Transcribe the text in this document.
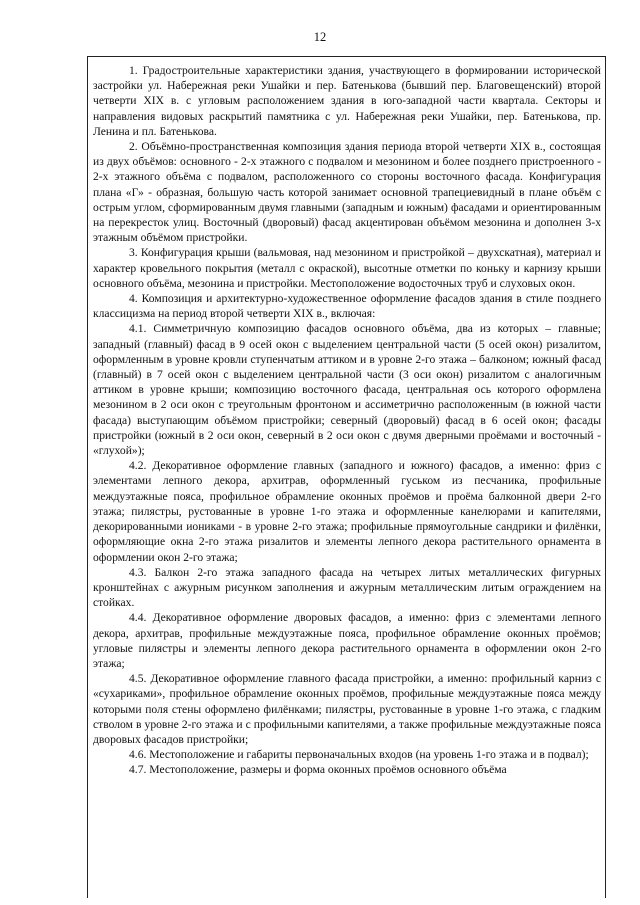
12

1. Градостроительные характеристики здания, участвующего в формировании исторической застройки ул. Набережная реки Ушайки и пер. Батенькова (бывший пер. Благовещенский) второй четверти XIX в. с угловым расположением здания в юго-западной части квартала. Секторы и направления видовых раскрытий памятника с ул. Набережная реки Ушайки, пер. Батенькова, пр. Ленина и пл. Батенькова.

2. Объёмно-пространственная композиция здания периода второй четверти XIX в., состоящая из двух объёмов: основного - 2-х этажного с подвалом и мезонином и более позднего пристроенного - 2-х этажного объёма с подвалом, расположенного со стороны восточного фасада. Конфигурация плана «Г» - образная, большую часть которой занимает основной трапециевидный в плане объём с острым углом, сформированным двумя главными (западным и южным) фасадами и ориентированным на перекресток улиц. Восточный (дворовый) фасад акцентирован объёмом мезонина и дополнен 3-х этажным объёмом пристройки.

3. Конфигурация крыши (вальмовая, над мезонином и пристройкой – двухскатная), материал и характер кровельного покрытия (металл с окраской), высотные отметки по коньку и карнизу крыши основного объёма, мезонина и пристройки. Местоположение водосточных труб и слуховых окон.

4. Композиция и архитектурно-художественное оформление фасадов здания в стиле позднего классицизма на период второй четверти XIX в., включая:

4.1. Симметричную композицию фасадов основного объёма, два из которых – главные; западный (главный) фасад в 9 осей окон с выделением центральной части (5 осей окон) ризалитом, оформленным в уровне кровли ступенчатым аттиком и в уровне 2-го этажа – балконом; южный фасад (главный) в 7 осей окон с выделением центральной части (3 оси окон) ризалитом с аналогичным аттиком в уровне крыши; композицию восточного фасада, центральная ось которого оформлена мезонином в 2 оси окон с треугольным фронтоном и ассиметрично расположенным (в южной части фасада) выступающим объёмом пристройки; северный (дворовый) фасад в 6 осей окон; фасады пристройки (южный в 2 оси окон, северный в 2 оси окон с двумя дверными проёмами и восточный - «глухой»);

4.2. Декоративное оформление главных (западного и южного) фасадов, а именно: фриз с элементами лепного декора, архитрав, оформленный гуськом из песчаника, профильные междуэтажные пояса, профильное обрамление оконных проёмов и проёма балконной двери 2-го этажа; пилястры, рустованные в уровне 1-го этажа и оформленные канелюрами и капителями, декорированными иониками - в уровне 2-го этажа; профильные прямоугольные сандрики и филёнки, оформляющие окна 2-го этажа ризалитов и элементы лепного декора растительного орнамента в оформлении окон 2-го этажа;

4.3. Балкон 2-го этажа западного фасада на четырех литых металлических фигурных кронштейнах с ажурным рисунком заполнения и ажурным металлическим литым ограждением на стойках.

4.4. Декоративное оформление дворовых фасадов, а именно: фриз с элементами лепного декора, архитрав, профильные междуэтажные пояса, профильное обрамление оконных проёмов; угловые пилястры и элементы лепного декора растительного орнамента в оформлении окон 2-го этажа;

4.5. Декоративное оформление главного фасада пристройки, а именно: профильный карниз с «сухариками», профильное обрамление оконных проёмов, профильные междуэтажные пояса между которыми поля стены оформлено филёнками; пилястры, рустованные в уровне 1-го этажа, с гладким стволом в уровне 2-го этажа и с профильными капителями, а также профильные междуэтажные пояса дворовых фасадов пристройки;

4.6. Местоположение и габариты первоначальных входов (на уровень 1-го этажа и в подвал);

4.7. Местоположение, размеры и форма оконных проёмов основного объёма
